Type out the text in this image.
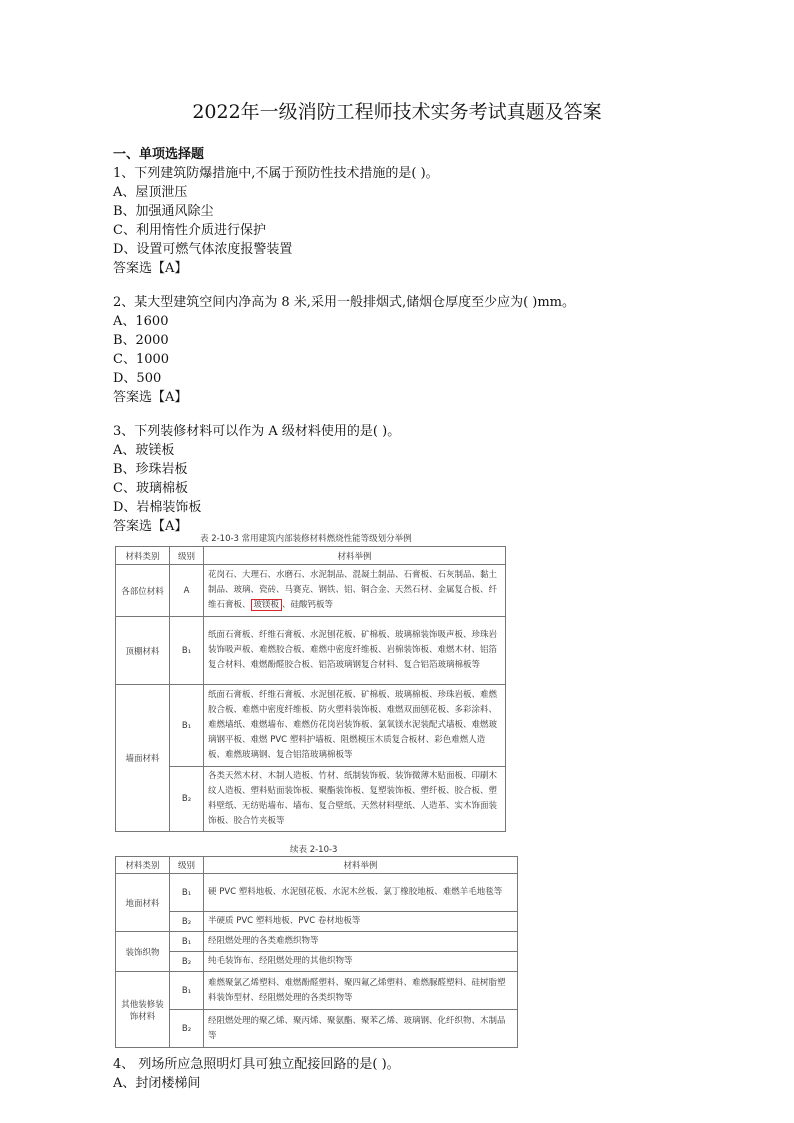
2022年一级消防工程师技术实务考试真题及答案
一、单项选择题
1、下列建筑防爆措施中,不属于预防性技术措施的是( )。
A、屋顶泄压
B、加强通风除尘
C、利用惰性介质进行保护
D、设置可燃气体浓度报警装置
答案选【A】
2、某大型建筑空间内净高为 8 米,采用一般排烟式,储烟仓厚度至少应为( )mm。
A、1600
B、2000
C、1000
D、500
答案选【A】
3、下列装修材料可以作为 A 级材料使用的是( )。
A、玻镁板
B、珍珠岩板
C、玻璃棉板
D、岩棉装饰板
答案选【A】
表 2-10-3 常用建筑内部装修材料燃烧性能等级划分举例
材料类别	级别	材料举例
各部位材料	A	花岗石、大理石、水磨石、水泥制品、混凝土制品、石膏板、石灰制品、黏土制品、玻璃、瓷砖、马赛克、钢铁、铝、铜合金、天然石材、金属复合板、纤维石膏板、 玻镁板 、硅酸钙板等
顶棚材料	B₁	纸面石膏板、纤维石膏板、水泥刨花板、矿棉板、玻璃棉装饰吸声板、珍珠岩装饰吸声板、难燃胶合板、难燃中密度纤维板、岩棉装饰板、难燃木材、铝箔复合材料、难燃酚醛胶合板、铝箔玻璃钢复合材料、复合铝箔玻璃棉板等
墙面材料	B₁	纸面石膏板、纤维石膏板、水泥刨花板、矿棉板、玻璃棉板、珍珠岩板、难燃胶合板、难燃中密度纤维板、防火塑料装饰板、难燃双面刨花板、多彩涂料、难燃墙纸、难燃墙布、难燃仿花岗岩装饰板、氯氧镁水泥装配式墙板、难燃玻璃钢平板、难燃 PVC 塑料护墙板、阻燃模压木质复合板材、彩色难燃人造板、难燃玻璃钢、复合铝箔玻璃棉板等
	B₂	各类天然木材、木制人造板、竹材、纸制装饰板、装饰微薄木贴面板、印刷木纹人造板、塑料贴面装饰板、聚酯装饰板、复塑装饰板、塑纤板、胶合板、塑料壁纸、无纺贴墙布、墙布、复合壁纸、天然材料壁纸、人造革、实木饰面装饰板、胶合竹夹板等
续表 2-10-3
材料类别	级别	材料举例
地面材料	B₁	硬 PVC 塑料地板、水泥刨花板、水泥木丝板、氯丁橡胶地板、难燃羊毛地毯等
	B₂	半硬质 PVC 塑料地板、PVC 卷材地板等
装饰织物	B₁	经阻燃处理的各类难燃织物等
	B₂	纯毛装饰布、经阻燃处理的其他织物等
其他装修装饰材料	B₁	难燃聚氯乙烯塑料、难燃酚醛塑料、聚四氟乙烯塑料、难燃脲醛塑料、硅树脂塑料装饰型材、经阻燃处理的各类织物等
	B₂	经阻燃处理的聚乙烯、聚丙烯、聚氨酯、聚苯乙烯、玻璃钢、化纤织物、木制品等
4、 列场所应急照明灯具可独立配接回路的是( )。
A、封闭楼梯间
